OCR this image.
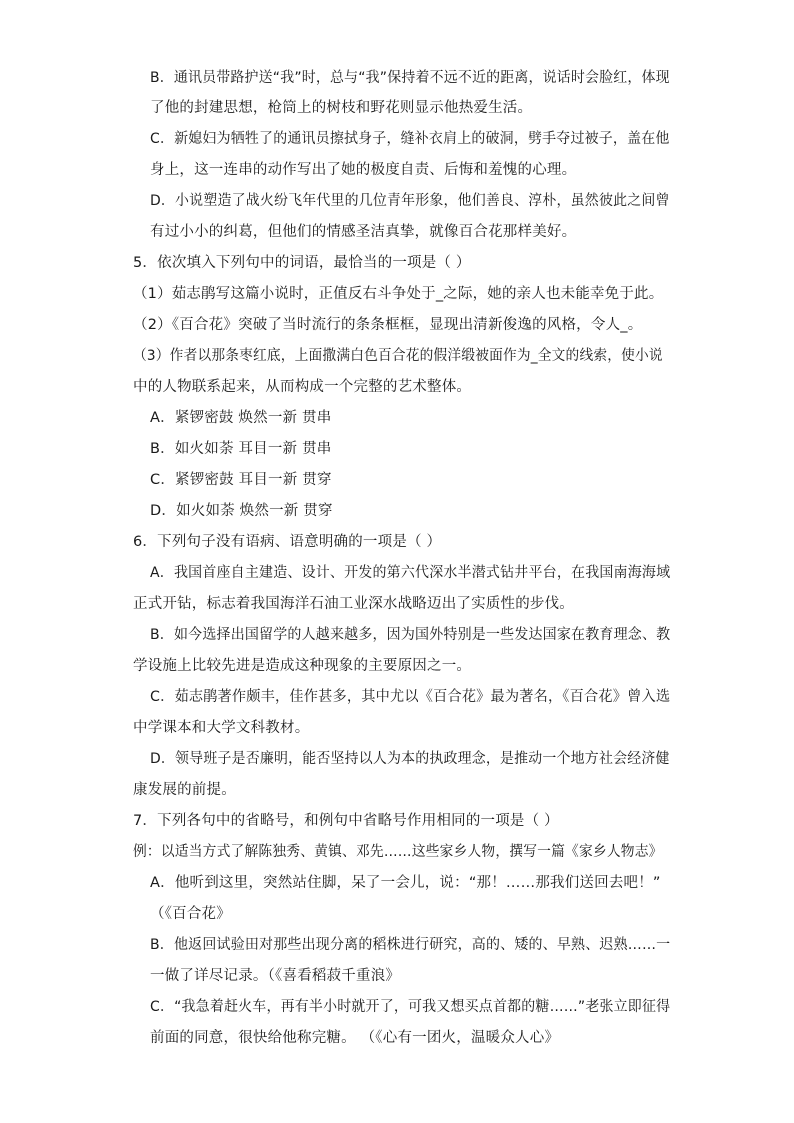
B．通讯员带路护送“我”时，总与“我”保持着不远不近的距离，说话时会脸红，体现
了他的封建思想，枪筒上的树枝和野花则显示他热爱生活。
C．新媳妇为牺牲了的通讯员擦拭身子，缝补衣肩上的破洞，劈手夺过被子，盖在他
身上，这一连串的动作写出了她的极度自责、后悔和羞愧的心理。
D．小说塑造了战火纷飞年代里的几位青年形象，他们善良、淳朴，虽然彼此之间曾
有过小小的纠葛，但他们的情感圣洁真挚，就像百合花那样美好。
5．依次填入下列句中的词语，最恰当的一项是（ ）
（1）茹志鹃写这篇小说时，正值反右斗争处于_之际，她的亲人也未能幸免于此。
（2）《百合花》突破了当时流行的条条框框，显现出清新俊逸的风格，令人_。
（3）作者以那条枣红底，上面撒满白色百合花的假洋缎被面作为_全文的线索，使小说
中的人物联系起来，从而构成一个完整的艺术整体。
A．紧锣密鼓 焕然一新 贯串
B．如火如荼 耳目一新 贯串
C．紧锣密鼓 耳目一新 贯穿
D．如火如荼 焕然一新 贯穿
6．下列句子没有语病、语意明确的一项是（ ）
A．我国首座自主建造、设计、开发的第六代深水半潜式钻井平台，在我国南海海域
正式开钻，标志着我国海洋石油工业深水战略迈出了实质性的步伐。
B．如今选择出国留学的人越来越多，因为国外特别是一些发达国家在教育理念、教
学设施上比较先进是造成这种现象的主要原因之一。
C．茹志鹃著作颇丰，佳作甚多，其中尤以《百合花》最为著名，《百合花》曾入选
中学课本和大学文科教材。
D．领导班子是否廉明，能否坚持以人为本的执政理念，是推动一个地方社会经济健
康发展的前提。
7．下列各句中的省略号，和例句中省略号作用相同的一项是（ ）
例：以适当方式了解陈独秀、黄镇、邓先……这些家乡人物，撰写一篇《家乡人物志》
A．他听到这里，突然站住脚，呆了一会儿，说：“那！……那我们送回去吧！”
（《百合花》
B．他返回试验田对那些出现分离的稻株进行研究，高的、矮的、早熟、迟熟……一
一做了详尽记录。（《喜看稻菽千重浪》
C．“我急着赶火车，再有半小时就开了，可我又想买点首都的糖……”老张立即征得
前面的同意，很快给他称完糖。 （《心有一团火，温暖众人心》
